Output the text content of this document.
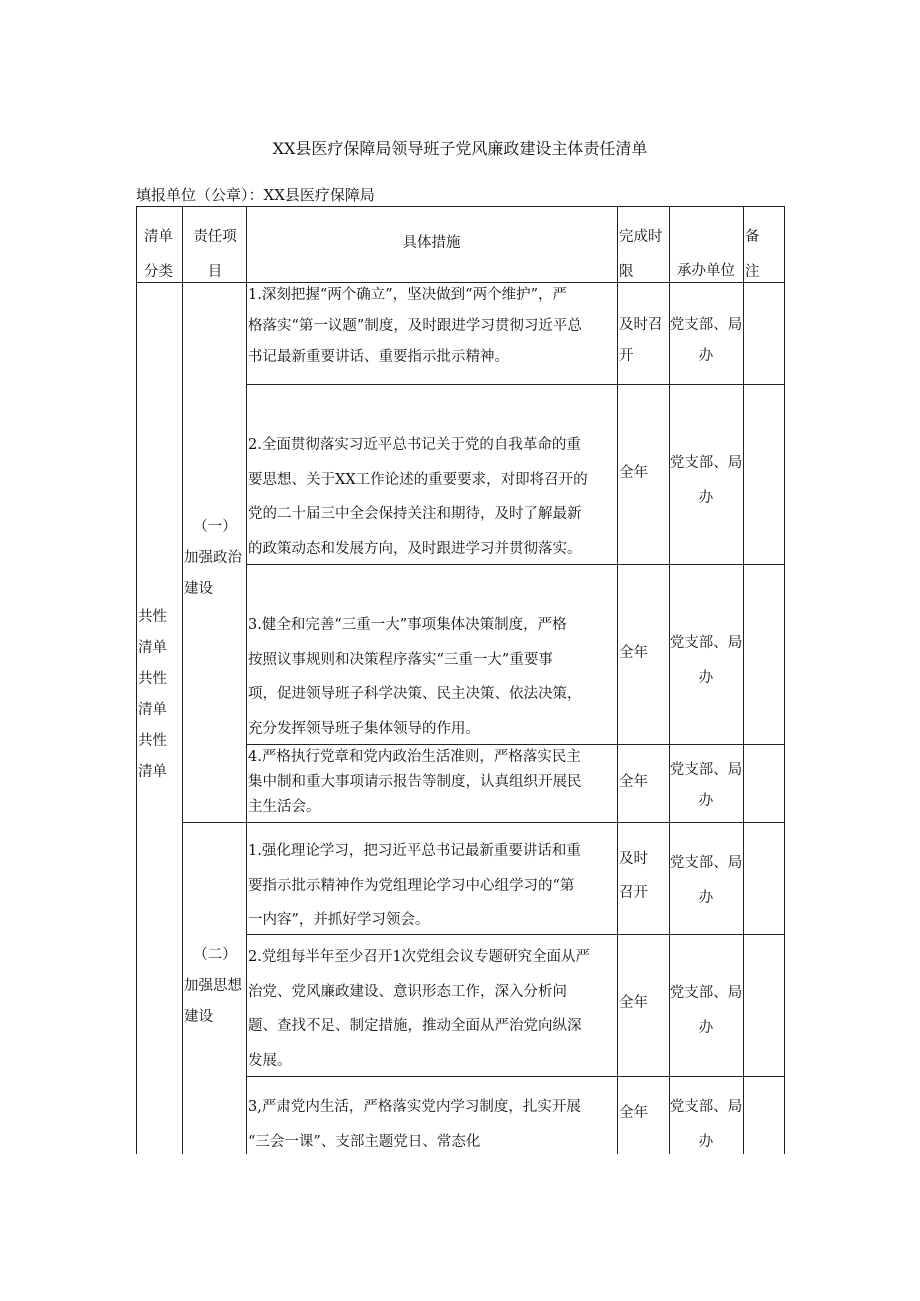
XX县医疗保障局领导班子党风廉政建设主体责任清单
填报单位（公章）：XX县医疗保障局
清单
分类
责任项
目
具体措施	完成时
限	承办单位
备
注
共性
清单
共性
清单
共性
清单
（一）
加强政治
建设
（二）
加强思想
建设
1.深刻把握“两个确立”，坚决做到“两个维护”，严
格落实“第一议题”制度，及时跟进学习贯彻习近平总
书记最新重要讲话、重要指示批示精神。
及时召
开
党支部、局
办
2.全面贯彻落实习近平总书记关于党的自我革命的重
要思想、关于XX工作论述的重要要求，对即将召开的
党的二十届三中全会保持关注和期待，及时了解最新
的政策动态和发展方向，及时跟进学习并贯彻落实。
全年
党支部、局
办
3.健全和完善“三重一大”事项集体决策制度，严格
按照议事规则和决策程序落实“三重一大”重要事
项，促进领导班子科学决策、民主决策、依法决策，
充分发挥领导班子集体领导的作用。
全年
党支部、局
办
4.严格执行党章和党内政治生活准则，严格落实民主
集中制和重大事项请示报告等制度，认真组织开展民
主生活会。
全年
党支部、局
办
1.强化理论学习，把习近平总书记最新重要讲话和重
要指示批示精神作为党组理论学习中心组学习的“第
一内容”，并抓好学习领会。
及时
召开
党支部、局
办
2.党组每半年至少召开1次党组会议专题研究全面从严
治党、党风廉政建设、意识形态工作，深入分析问
题、查找不足、制定措施，推动全面从严治党向纵深
发展。
全年
党支部、局
办
3,严肃党内生活，严格落实党内学习制度，扎实开展
“三会一课”、支部主题党日、常态化
全年 党支部、局
办
